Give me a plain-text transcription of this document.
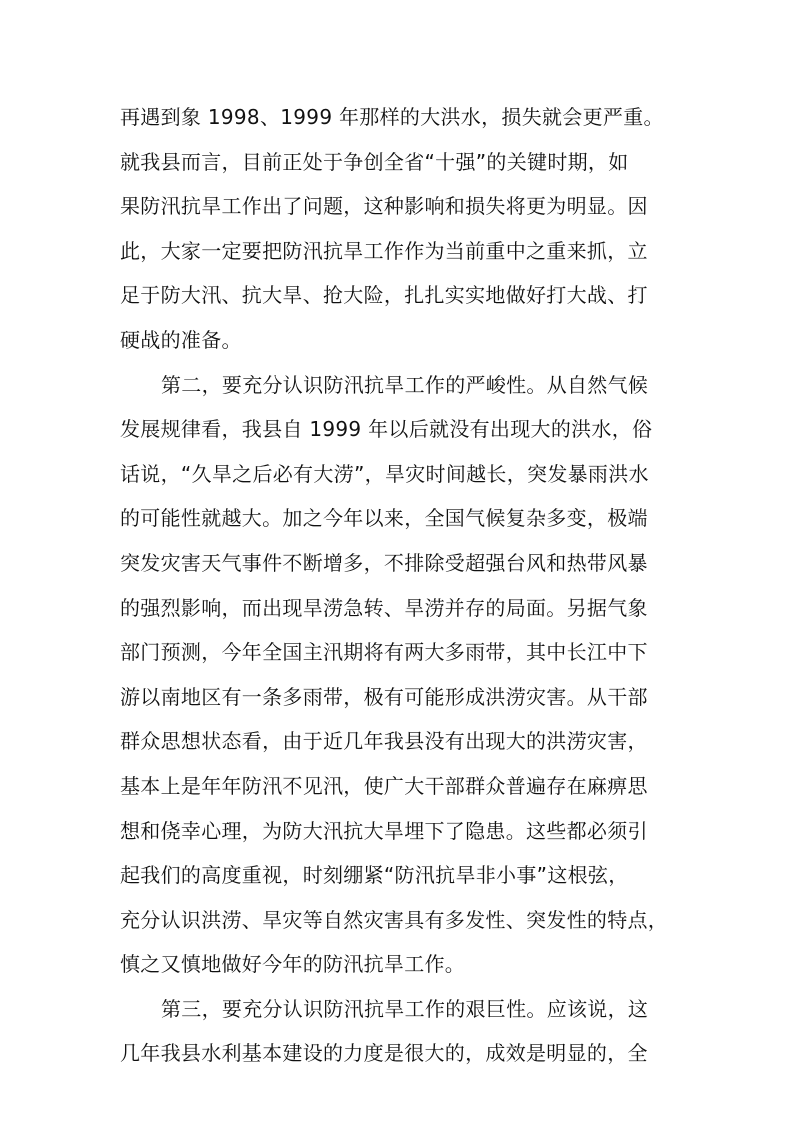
再遇到象 1998、1999 年那样的大洪水，损失就会更严重。
就我县而言，目前正处于争创全省“十强”的关键时期，如
果防汛抗旱工作出了问题，这种影响和损失将更为明显。因
此，大家一定要把防汛抗旱工作作为当前重中之重来抓，立
足于防大汛、抗大旱、抢大险，扎扎实实地做好打大战、打
硬战的准备。
第二，要充分认识防汛抗旱工作的严峻性。从自然气候
发展规律看，我县自 1999 年以后就没有出现大的洪水，俗
话说，“久旱之后必有大涝”，旱灾时间越长，突发暴雨洪水
的可能性就越大。加之今年以来，全国气候复杂多变，极端
突发灾害天气事件不断增多，不排除受超强台风和热带风暴
的强烈影响，而出现旱涝急转、旱涝并存的局面。另据气象
部门预测，今年全国主汛期将有两大多雨带，其中长江中下
游以南地区有一条多雨带，极有可能形成洪涝灾害。从干部
群众思想状态看，由于近几年我县没有出现大的洪涝灾害，
基本上是年年防汛不见汛，使广大干部群众普遍存在麻痹思
想和侥幸心理，为防大汛抗大旱埋下了隐患。这些都必须引
起我们的高度重视，时刻绷紧“防汛抗旱非小事”这根弦，
充分认识洪涝、旱灾等自然灾害具有多发性、突发性的特点，
慎之又慎地做好今年的防汛抗旱工作。
第三，要充分认识防汛抗旱工作的艰巨性。应该说，这
几年我县水利基本建设的力度是很大的，成效是明显的，全
